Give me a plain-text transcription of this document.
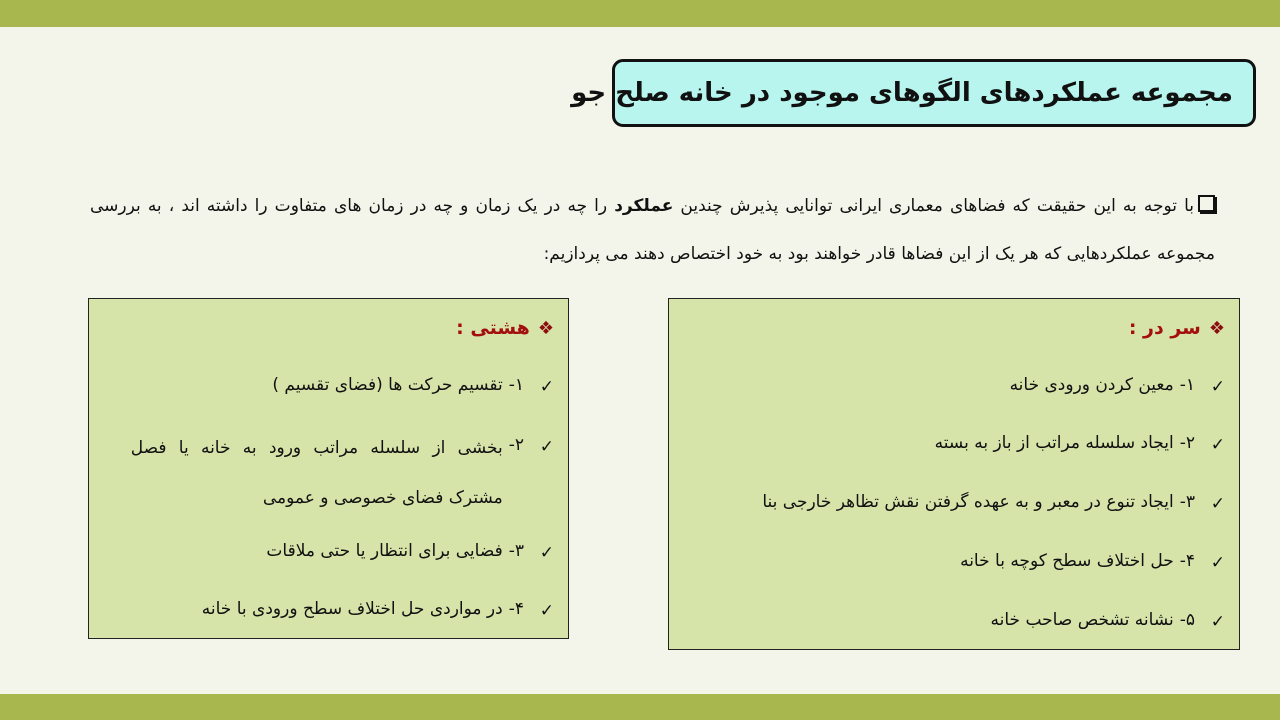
مجموعه عملکردهای الگوهای موجود در خانه صلح جو
با توجه به این حقیقت که فضاهای معماری ایرانی توانایی پذیرش چندین عملکرد را چه در یک زمان و چه در زمان های متفاوت را داشته اند ، به بررسی مجموعه عملکردهایی که هر یک از این فضاها قادر خواهند بود به خود اختصاص دهند می پردازیم:
❖
سر در :
✓
۱-
معین کردن ورودی خانه
✓
۲-
ایجاد سلسله مراتب از باز به بسته
✓
۳-
ایجاد تنوع در معبر و به عهده گرفتن نقش تظاهر خارجی بنا
✓
۴-
حل اختلاف سطح کوچه با خانه
✓
۵-
نشانه تشخص صاحب خانه
❖
هشتی :
✓
۱-
تقسیم حرکت ها (فضای تقسیم )
✓
۲-
بخشی از سلسله مراتب ورود به خانه یا فصل مشترک فضای خصوصی و عمومی
✓
۳-
فضایی برای انتظار یا حتی ملاقات
✓
۴-
در مواردی حل اختلاف سطح ورودی با خانه
